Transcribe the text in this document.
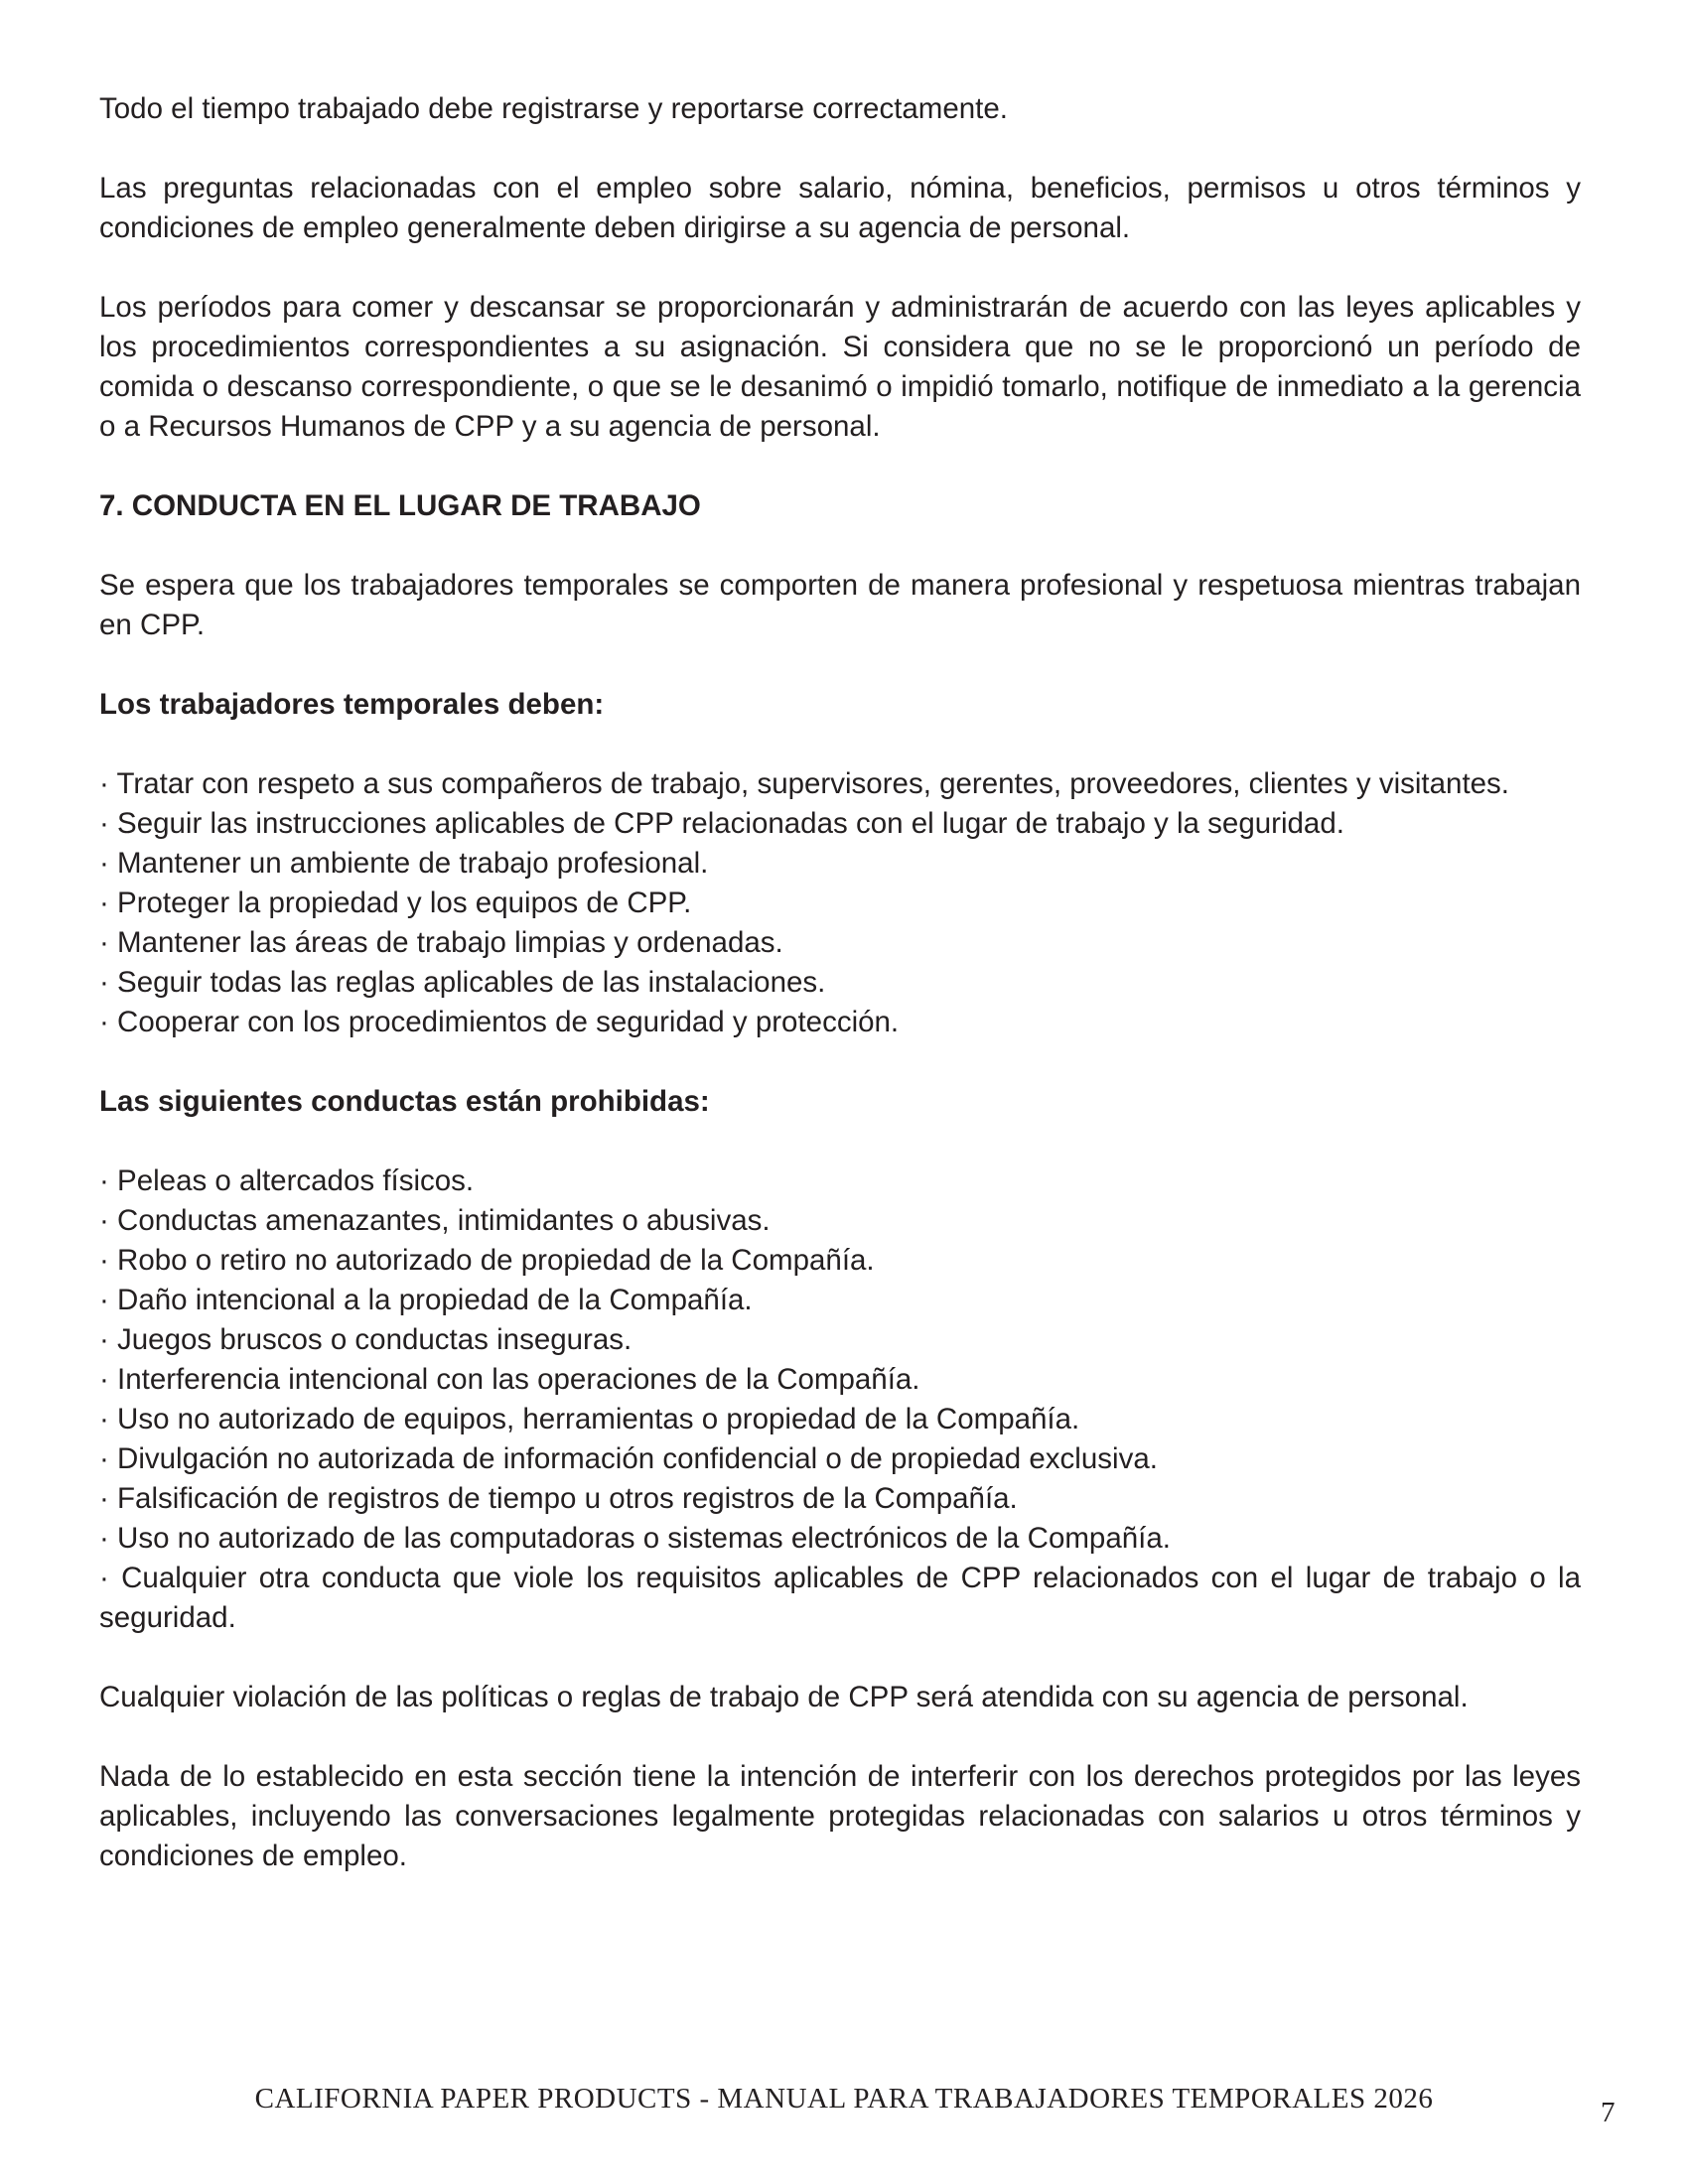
Todo el tiempo trabajado debe registrarse y reportarse correctamente.

Las preguntas relacionadas con el empleo sobre salario, nómina, beneficios, permisos u otros términos y condiciones de empleo generalmente deben dirigirse a su agencia de personal.

Los períodos para comer y descansar se proporcionarán y administrarán de acuerdo con las leyes aplicables y los procedimientos correspondientes a su asignación. Si considera que no se le proporcionó un período de comida o descanso correspondiente, o que se le desanimó o impidió tomarlo, notifique de inmediato a la gerencia o a Recursos Humanos de CPP y a su agencia de personal.

7. CONDUCTA EN EL LUGAR DE TRABAJO

Se espera que los trabajadores temporales se comporten de manera profesional y respetuosa mientras trabajan en CPP.

Los trabajadores temporales deben:

· Tratar con respeto a sus compañeros de trabajo, supervisores, gerentes, proveedores, clientes y visitantes.
· Seguir las instrucciones aplicables de CPP relacionadas con el lugar de trabajo y la seguridad.
· Mantener un ambiente de trabajo profesional.
· Proteger la propiedad y los equipos de CPP.
· Mantener las áreas de trabajo limpias y ordenadas.
· Seguir todas las reglas aplicables de las instalaciones.
· Cooperar con los procedimientos de seguridad y protección.

Las siguientes conductas están prohibidas:

· Peleas o altercados físicos.
· Conductas amenazantes, intimidantes o abusivas.
· Robo o retiro no autorizado de propiedad de la Compañía.
· Daño intencional a la propiedad de la Compañía.
· Juegos bruscos o conductas inseguras.
· Interferencia intencional con las operaciones de la Compañía.
· Uso no autorizado de equipos, herramientas o propiedad de la Compañía.
· Divulgación no autorizada de información confidencial o de propiedad exclusiva.
· Falsificación de registros de tiempo u otros registros de la Compañía.
· Uso no autorizado de las computadoras o sistemas electrónicos de la Compañía.
· Cualquier otra conducta que viole los requisitos aplicables de CPP relacionados con el lugar de trabajo o la seguridad.

Cualquier violación de las políticas o reglas de trabajo de CPP será atendida con su agencia de personal.

Nada de lo establecido en esta sección tiene la intención de interferir con los derechos protegidos por las leyes aplicables, incluyendo las conversaciones legalmente protegidas relacionadas con salarios u otros términos y condiciones de empleo.

CALIFORNIA PAPER PRODUCTS - MANUAL PARA TRABAJADORES TEMPORALES 2026	7
